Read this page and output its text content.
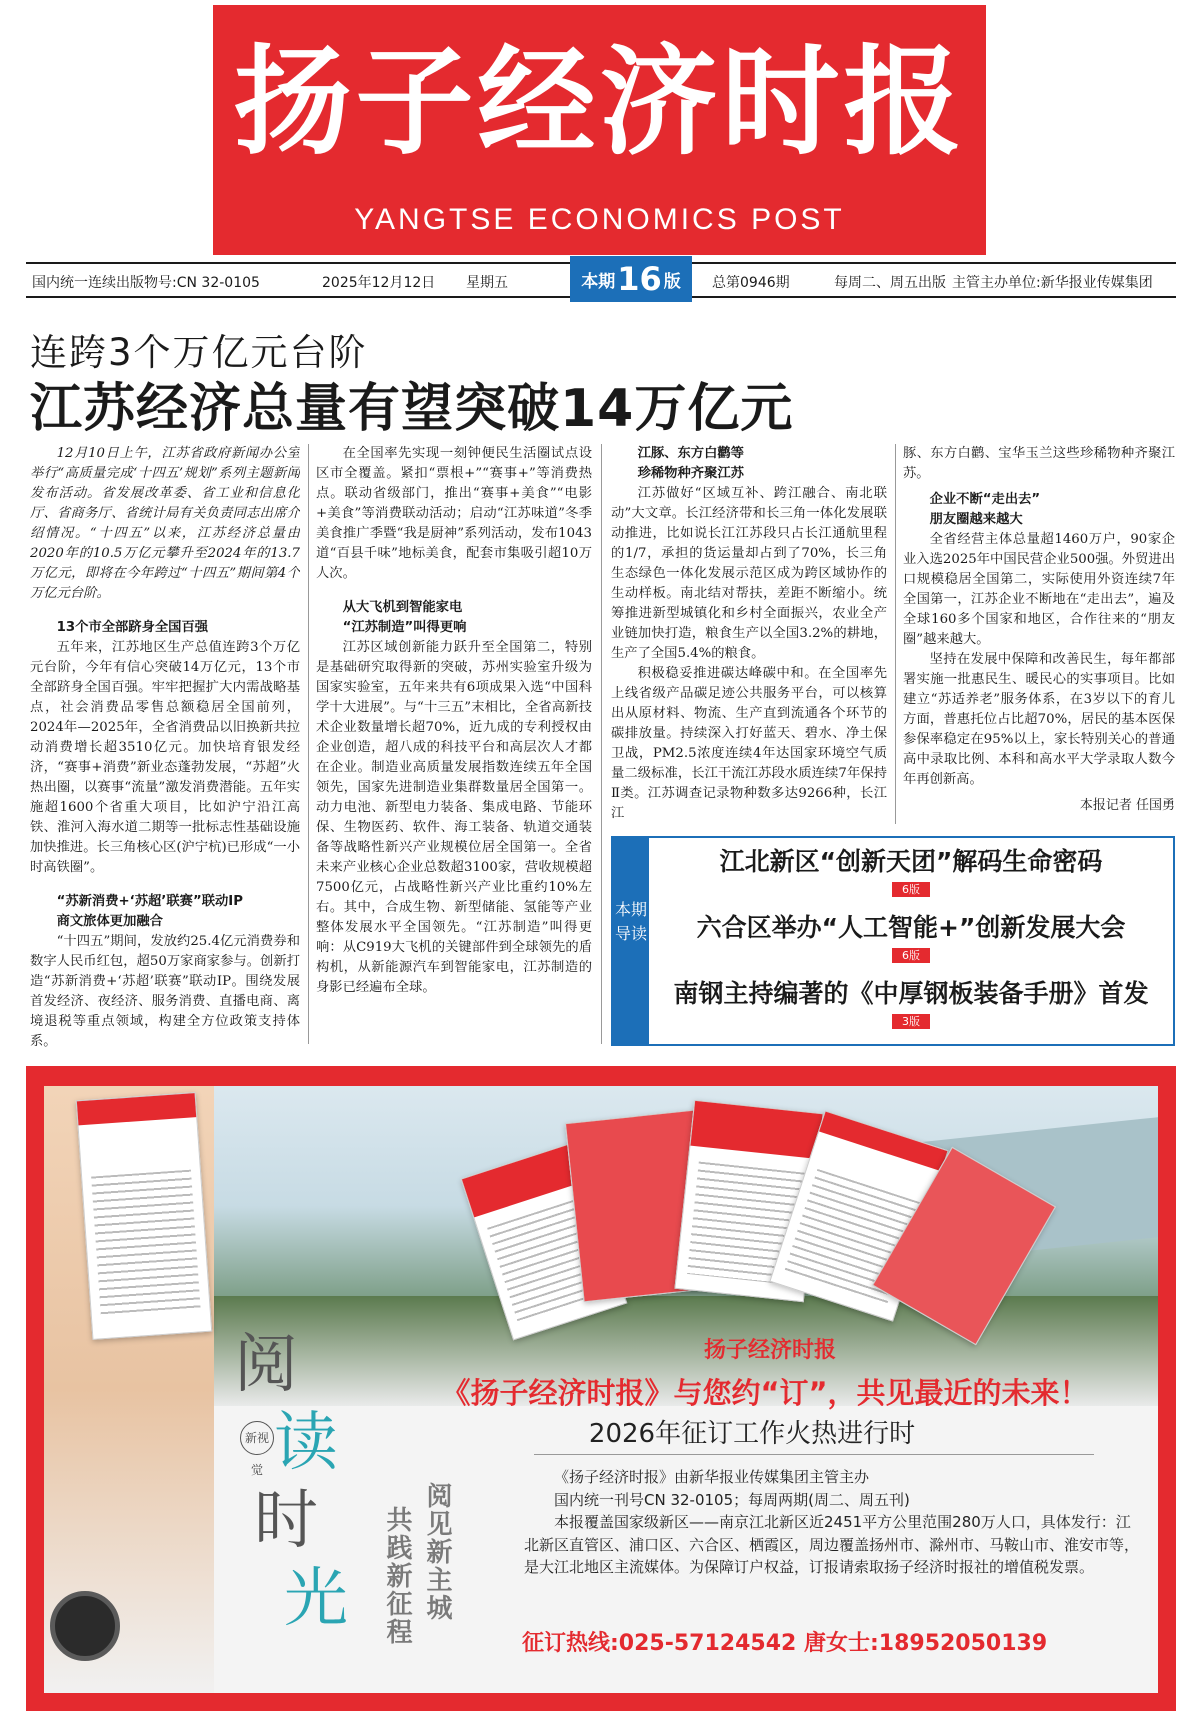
扬子经济时报
YANGTSE ECONOMICS POST
国内统一连续出版物号:CN 32-0105	2025年12月12日 星期五	本期16 版	总第0946期	每周二、周五出版 主管主办单位:新华报业传媒集团
连跨3个万亿元台阶
江苏经济总量有望突破14万亿元

12月10日上午，江苏省政府新闻办公室举行“高质量完成‘十四五’规划”系列主题新闻发布活动。省发展改革委、省工业和信息化厅、省商务厅、省统计局有关负责同志出席介绍情况。“十四五”以来，江苏经济总量由2020年的10.5万亿元攀升至2024年的13.7万亿元，即将在今年跨过“十四五”期间第4个万亿元台阶。

13个市全部跻身全国百强

五年来，江苏地区生产总值连跨3个万亿元台阶，今年有信心突破14万亿元，13个市全部跻身全国百强。牢牢把握扩大内需战略基点，社会消费品零售总额稳居全国前列，2024年—2025年，全省消费品以旧换新共拉动消费增长超3510亿元。加快培育银发经济，“赛事+消费”新业态蓬勃发展，“苏超”火热出圈，以赛事“流量”激发消费潜能。五年实施超1600个省重大项目，比如沪宁沿江高铁、淮河入海水道二期等一批标志性基础设施加快推进。长三角核心区(沪宁杭)已形成“一小时高铁圈”。

“苏新消费+‘苏超’联赛”联动IP

商文旅体更加融合

“十四五”期间，发放约25.4亿元消费券和数字人民币红包，超50万家商家参与。创新打造“苏新消费+‘苏超’联赛”联动IP。围绕发展首发经济、夜经济、服务消费、直播电商、离境退税等重点领域，构建全方位政策支持体系。

在全国率先实现一刻钟便民生活圈试点设区市全覆盖。紧扣“票根+”“赛事+”等消费热点。联动省级部门，推出“赛事+美食”“电影+美食”等消费联动活动；启动“江苏味道”冬季美食推广季暨“我是厨神”系列活动，发布1043道“百县千味”地标美食，配套市集吸引超10万人次。

从大飞机到智能家电

“江苏制造”叫得更响

江苏区域创新能力跃升至全国第二，特别是基础研究取得新的突破，苏州实验室升级为国家实验室，五年来共有6项成果入选“中国科学十大进展”。与“十三五”末相比，全省高新技术企业数量增长超70%，近九成的专利授权由企业创造，超八成的科技平台和高层次人才都在企业。制造业高质量发展指数连续五年全国领先，国家先进制造业集群数量居全国第一。动力电池、新型电力装备、集成电路、节能环保、生物医药、软件、海工装备、轨道交通装备等战略性新兴产业规模位居全国第一。全省未来产业核心企业总数超3100家，营收规模超7500亿元，占战略性新兴产业比重约10%左右。其中，合成生物、新型储能、氢能等产业整体发展水平全国领先。“江苏制造”叫得更响：从C919大飞机的关键部件到全球领先的盾构机，从新能源汽车到智能家电，江苏制造的身影已经遍布全球。

江豚、东方白鹳等

珍稀物种齐聚江苏

江苏做好“区域互补、跨江融合、南北联动”大文章。长江经济带和长三角一体化发展联动推进，比如说长江江苏段只占长江通航里程的1/7，承担的货运量却占到了70%，长三角生态绿色一体化发展示范区成为跨区域协作的生动样板。南北结对帮扶，差距不断缩小。统筹推进新型城镇化和乡村全面振兴，农业全产业链加快打造，粮食生产以全国3.2%的耕地，生产了全国5.4%的粮食。

积极稳妥推进碳达峰碳中和。在全国率先上线省级产品碳足迹公共服务平台，可以核算出从原材料、物流、生产直到流通各个环节的碳排放量。持续深入打好蓝天、碧水、净土保卫战，PM2.5浓度连续4年达国家环境空气质量二级标准，长江干流江苏段水质连续7年保持Ⅱ类。江苏调查记录物种数多达9266种，长江江

豚、东方白鹳、宝华玉兰这些珍稀物种齐聚江苏。

企业不断“走出去”

朋友圈越来越大

全省经营主体总量超1460万户，90家企业入选2025年中国民营企业500强。外贸进出口规模稳居全国第二，实际使用外资连续7年全国第一，江苏企业不断地在“走出去”，遍及全球160多个国家和地区，合作往来的“朋友圈”越来越大。

坚持在发展中保障和改善民生，每年都部署实施一批惠民生、暖民心的实事项目。比如建立“苏适养老”服务体系，在3岁以下的育儿方面，普惠托位占比超70%，居民的基本医保参保率稳定在95%以上，家长特别关心的普通高中录取比例、本科和高水平大学录取人数今年再创新高。

本报记者 任国勇

本期导读
江北新区“创新天团”解码生命密码
6版
六合区举办“人工智能+”创新发展大会
6版
南钢主持编著的《中厚钢板装备手册》首发
3版
阅
读
时
光
新视觉
阅见新主城
共践新征程
扬子经济时报
《扬子经济时报》与您约“订”，共见最近的未来！
2026年征订工作火热进行时

《扬子经济时报》由新华报业传媒集团主管主办

国内统一刊号CN 32-0105；每周两期(周二、周五刊)

本报覆盖国家级新区——南京江北新区近2451平方公里范围280万人口，具体发行：江北新区直管区、浦口区、六合区、栖霞区，周边覆盖扬州市、滁州市、马鞍山市、淮安市等，是大江北地区主流媒体。为保障订户权益，订报请索取扬子经济时报社的增值税发票。

征订热线:025-57124542 唐女士:18952050139
